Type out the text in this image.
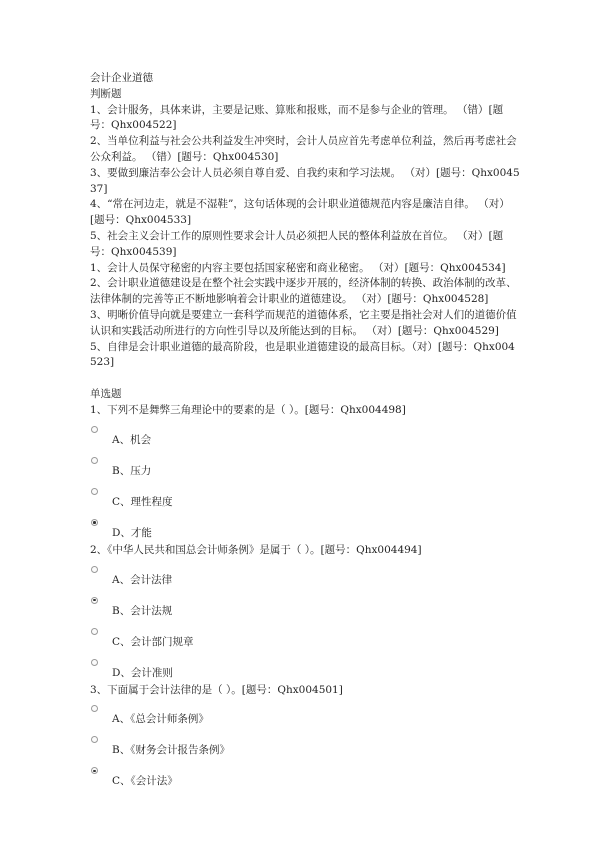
会计企业道德

判断题

1、会计服务，具体来讲，主要是记账、算账和报账，而不是参与企业的管理。 （错）[题号：Qhx004522]

2、当单位利益与社会公共利益发生冲突时，会计人员应首先考虑单位利益，然后再考虑社会公众利益。 （错）[题号：Qhx004530]

3、要做到廉洁奉公会计人员必须自尊自爱、自我约束和学习法规。 （对）[题号：Qhx004537]

4、“常在河边走，就是不湿鞋”，这句话体现的会计职业道德规范内容是廉洁自律。 （对）[题号：Qhx004533]

5、社会主义会计工作的原则性要求会计人员必须把人民的整体利益放在首位。 （对）[题号：Qhx004539]

1、会计人员保守秘密的内容主要包括国家秘密和商业秘密。 （对）[题号：Qhx004534]

2、会计职业道德建设是在整个社会实践中逐步开展的，经济体制的转换、政治体制的改革、法律体制的完善等正不断地影响着会计职业的道德建设。 （对）[题号：Qhx004528]

3、明晰价值导向就是要建立一套科学而规范的道德体系，它主要是指社会对人们的道德价值认识和实践活动所进行的方向性引导以及所能达到的目标。 （对）[题号：Qhx004529]

5、自律是会计职业道德的最高阶段，也是职业道德建设的最高目标。（对）[题号：Qhx004523]

单选题

1、下列不是舞弊三角理论中的要素的是（ ）。[题号：Qhx004498]

A、机会
B、压力
C、理性程度
D、才能

2、《中华人民共和国总会计师条例》是属于（ ）。[题号：Qhx004494]

A、会计法律
B、会计法规
C、会计部门规章
D、会计准则

3、下面属于会计法律的是（ ）。[题号：Qhx004501]

A、《总会计师条例》
B、《财务会计报告条例》
C、《会计法》
